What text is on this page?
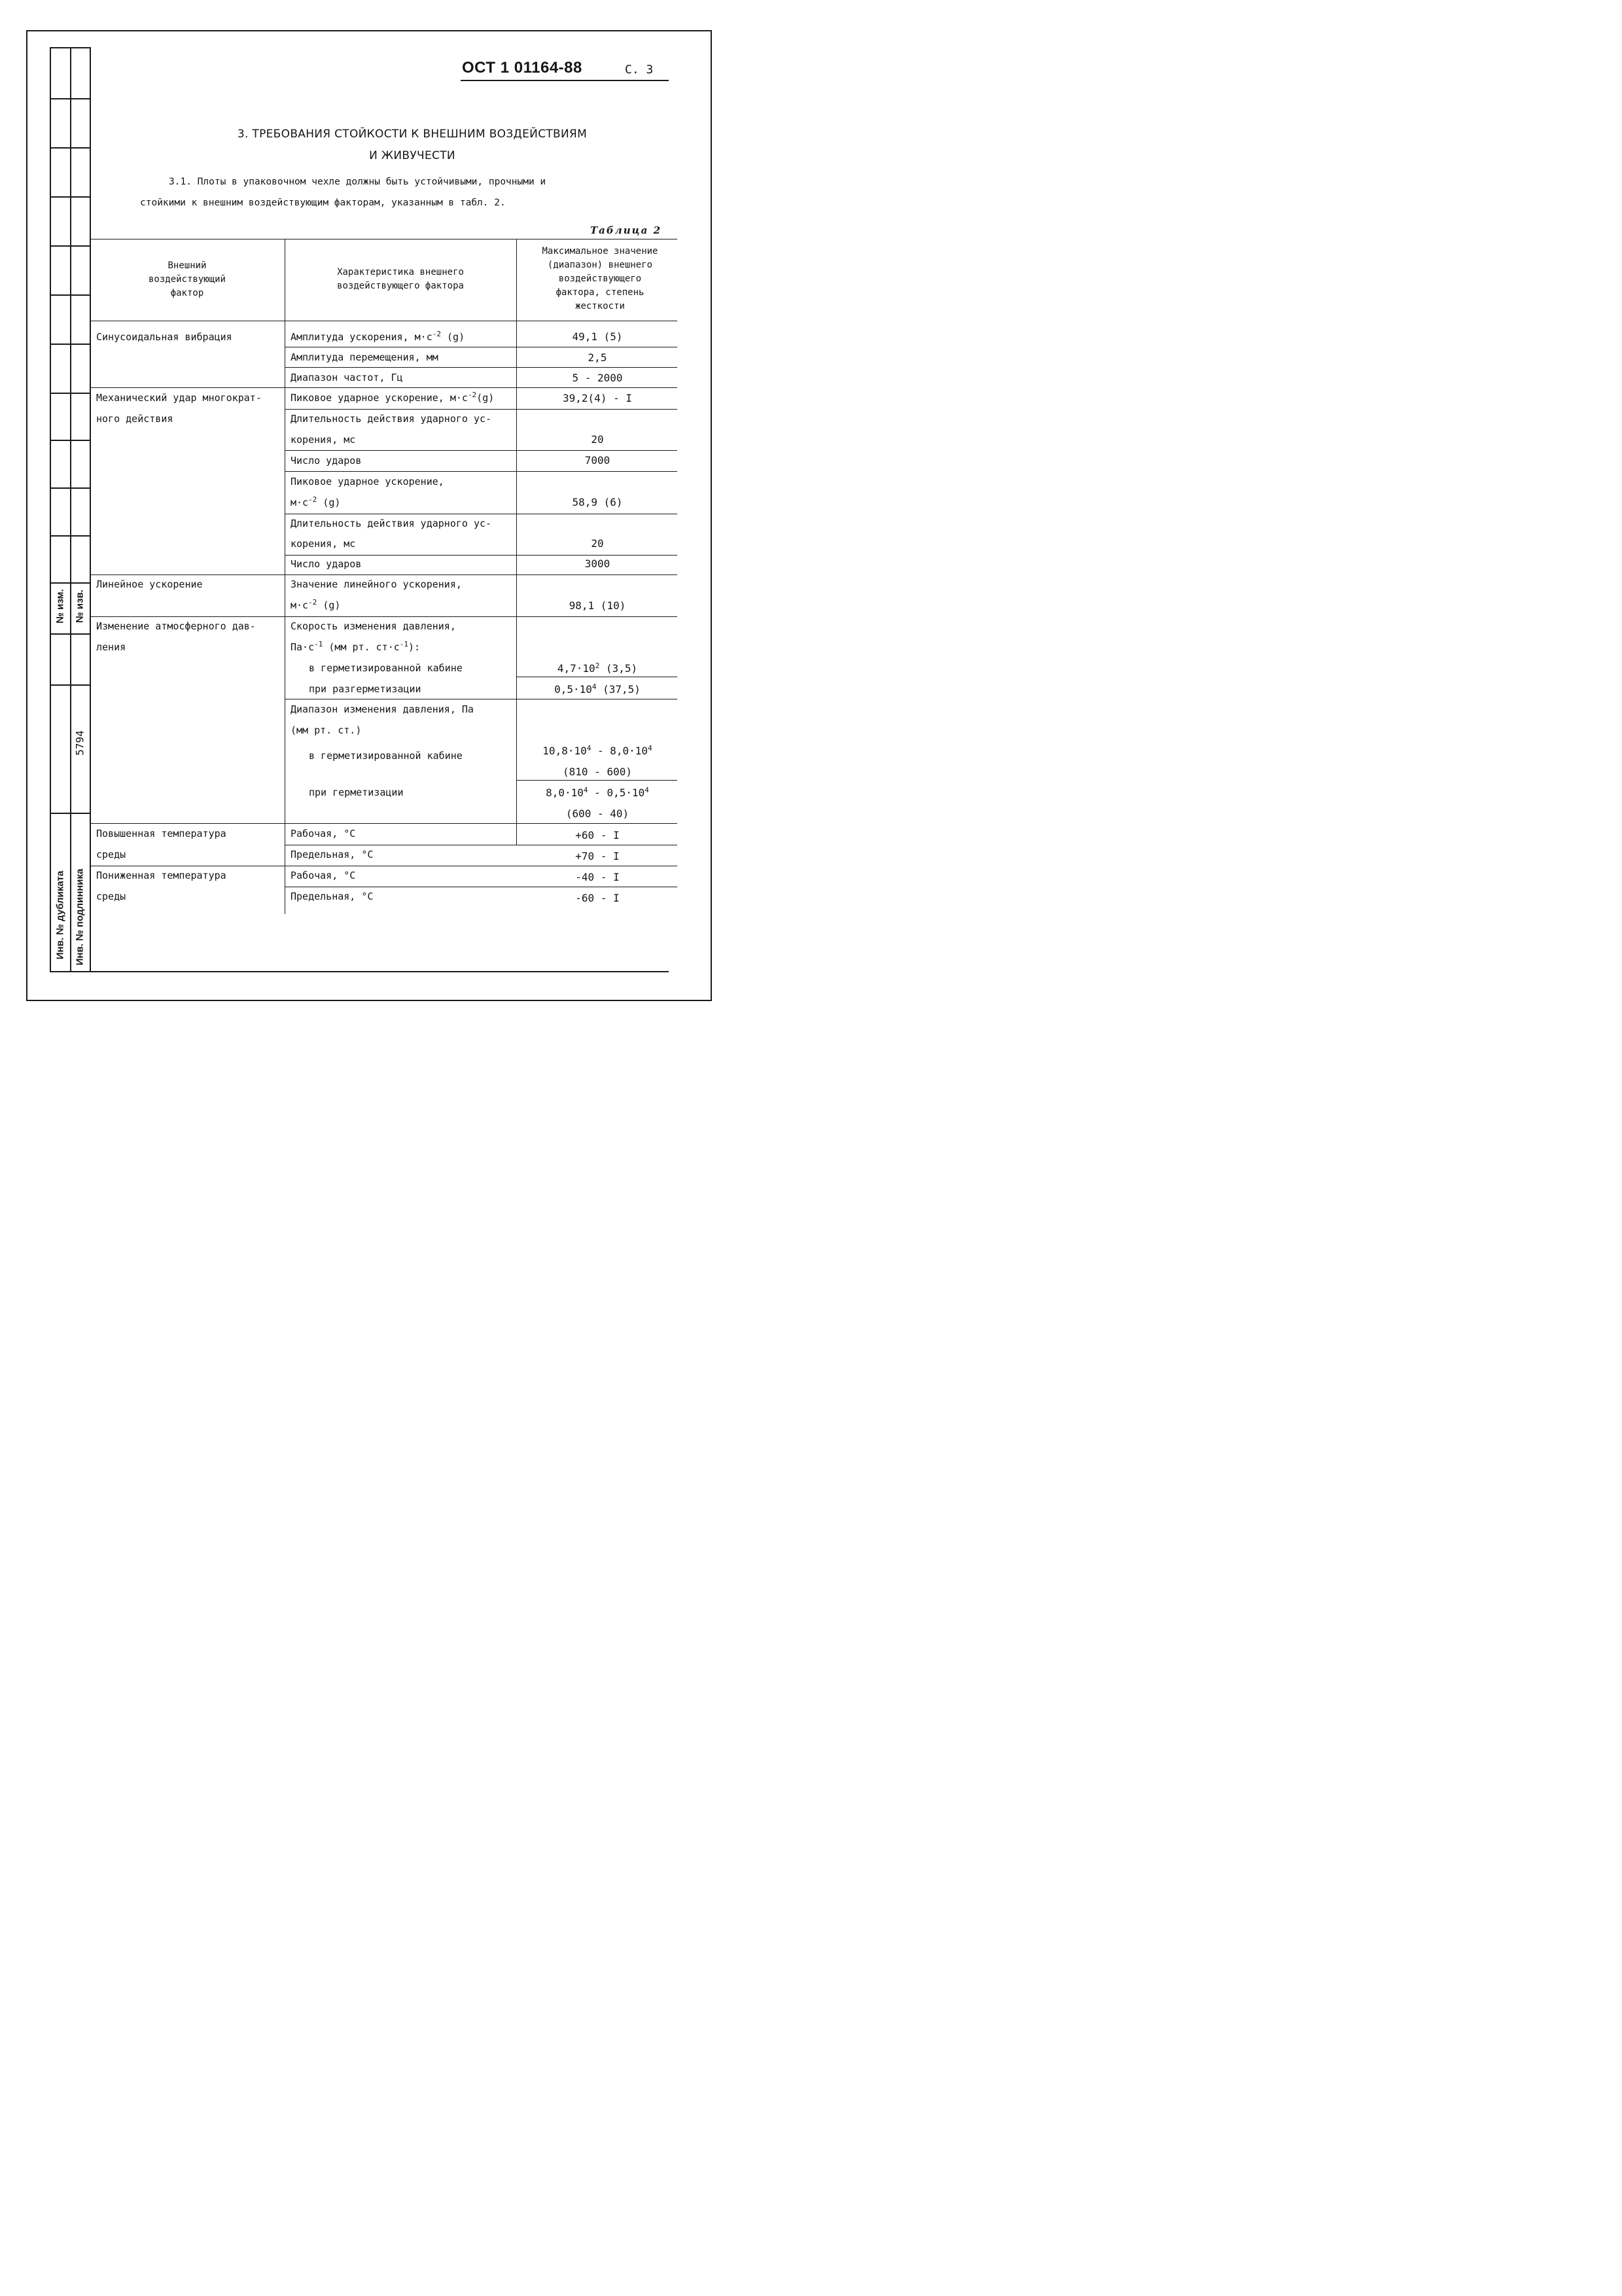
№ изм. № изв.
Инв. № дубликата Инв. № подлинника
5794
ОСТ 1 01164-88	С. 3
3. ТРЕБОВАНИЯ СТОЙКОСТИ К ВНЕШНИМ ВОЗДЕЙСТВИЯМ
И ЖИВУЧЕСТИ
3.1. Плоты в упаковочном чехле должны быть устойчивыми, прочными и
стойкими к внешним воздействующим факторам, указанным в табл. 2.
Таблица 2
Внешний
воздействующий
фактор
Характеристика внешнего
воздействующего фактора
Максимальное значение
(диапазон) внешнего
воздействующего
фактора, степень
жесткости
Синусоидальная вибрация
Механический удар многократ-
ного действия
Линейное ускорение
Изменение атмосферного дав-
ления
Повышенная температура
среды
Пониженная температура
среды
Амплитуда ускорения, $м\cdot с^{-2}$ (g)
Амплитуда перемещения, мм
Диапазон частот, Гц
Пиковое ударное ускорение, $м\cdot с^{-2}(g)$
Длительность действия ударного ус-
корения, мс
Число ударов
Пиковое ударное ускорение,
$м\cdot с^{-2}$ (g)
Длительность действия ударного ус-
корения, мс
Число ударов
Значение линейного ускорения,
$м\cdot с^{-2}$ (g)
Скорость изменения давления,
$Па\cdot с^{-1}$ (мм рт. $ст\cdot с^{-1}$):
в герметизированной кабине
при разгерметизации
Диапазон изменения давления, Па
(мм рт. ст.)
в герметизированной кабине
при герметизации
Рабочая, °С
Предельная, °С
Рабочая, °С
Предельная, °С
49,1 (5)
2,5
5 - 2000
39,2(4) - I
20
7000
58,9 (6)
20
3000
98,1 (10)
$4,7\cdot 10^2$ (3,5)
$0,5\cdot 10^4$ (37,5)
$10,8\cdot 10^4 - 8,0\cdot 10^4$
(810 - 600)
$8,0\cdot 10^4 - 0,5\cdot 10^4$
(600 - 40)
+60 - I
+70 - I
-40 - I
-60 - I
